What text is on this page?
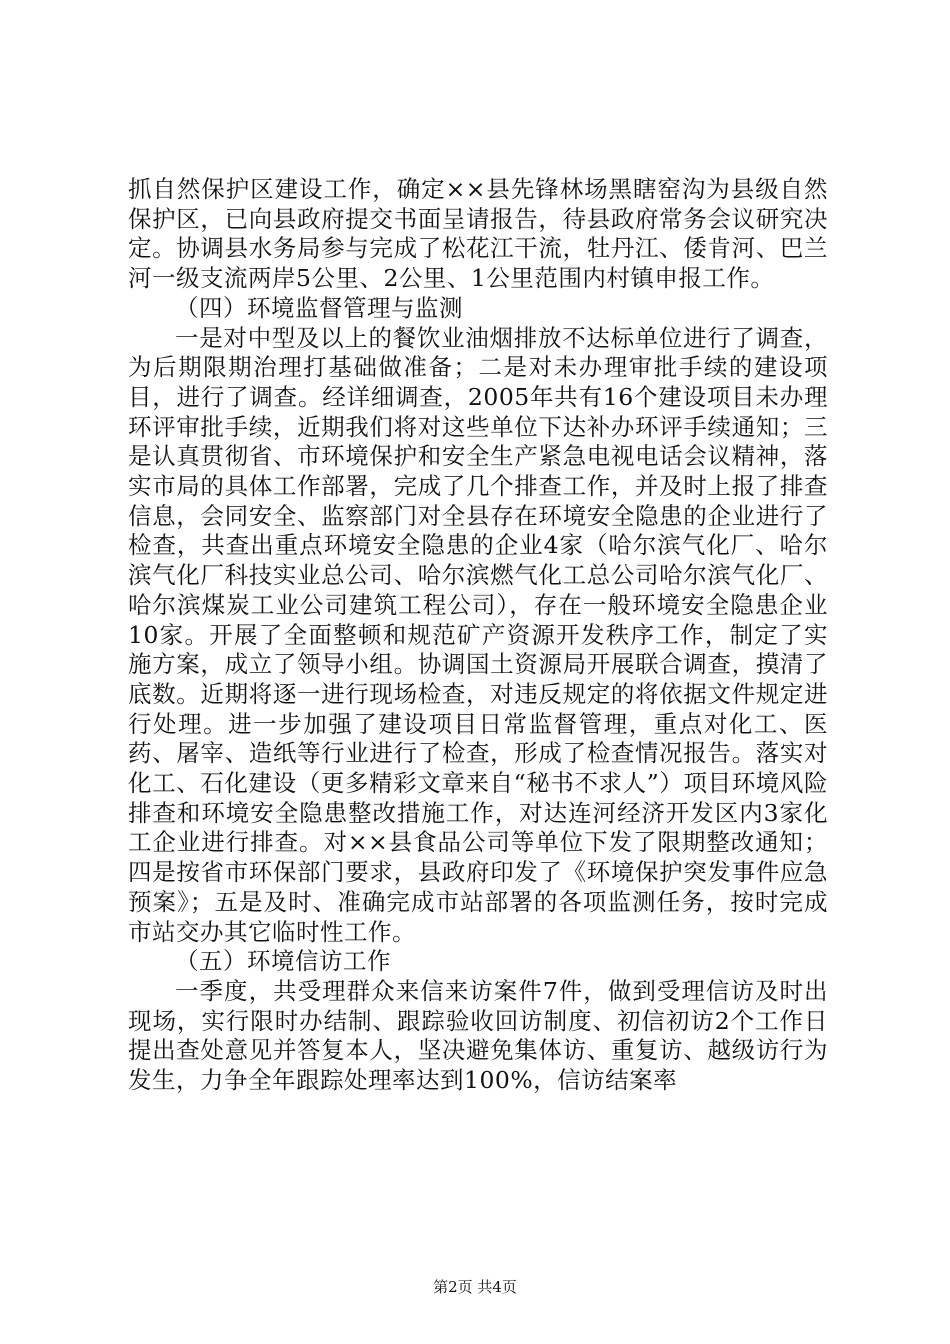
抓自然保护区建设工作，确定××县先锋林场黑瞎窑沟为县级自然保护区，已向县政府提交书面呈请报告，待县政府常务会议研究决定。协调县水务局参与完成了松花江干流，牡丹江、倭肯河、巴兰河一级支流两岸5公里、2公里、1公里范围内村镇申报工作。

（四）环境监督管理与监测

一是对中型及以上的餐饮业油烟排放不达标单位进行了调查，为后期限期治理打基础做准备；二是对未办理审批手续的建设项目，进行了调查。经详细调查，2005年共有16个建设项目未办理环评审批手续，近期我们将对这些单位下达补办环评手续通知；三是认真贯彻省、市环境保护和安全生产紧急电视电话会议精神，落实市局的具体工作部署，完成了几个排查工作，并及时上报了排查信息，会同安全、监察部门对全县存在环境安全隐患的企业进行了检查，共查出重点环境安全隐患的企业4家（哈尔滨气化厂、哈尔滨气化厂科技实业总公司、哈尔滨燃气化工总公司哈尔滨气化厂、哈尔滨煤炭工业公司建筑工程公司），存在一般环境安全隐患企业10家。开展了全面整顿和规范矿产资源开发秩序工作，制定了实施方案，成立了领导小组。协调国土资源局开展联合调查，摸清了底数。近期将逐一进行现场检查，对违反规定的将依据文件规定进行处理。进一步加强了建设项目日常监督管理，重点对化工、医药、屠宰、造纸等行业进行了检查，形成了检查情况报告。落实对化工、石化建设（更多精彩文章来自“秘书不求人”）项目环境风险排查和环境安全隐患整改措施工作，对达连河经济开发区内3家化工企业进行排查。对××县食品公司等单位下发了限期整改通知；四是按省市环保部门要求，县政府印发了《环境保护突发事件应急预案》；五是及时、准确完成市站部署的各项监测任务，按时完成市站交办其它临时性工作。

（五）环境信访工作

一季度，共受理群众来信来访案件7件，做到受理信访及时出现场，实行限时办结制、跟踪验收回访制度、初信初访2个工作日提出查处意见并答复本人，坚决避免集体访、重复访、越级访行为发生，力争全年跟踪处理率达到100%，信访结案率

第2页 共4页
